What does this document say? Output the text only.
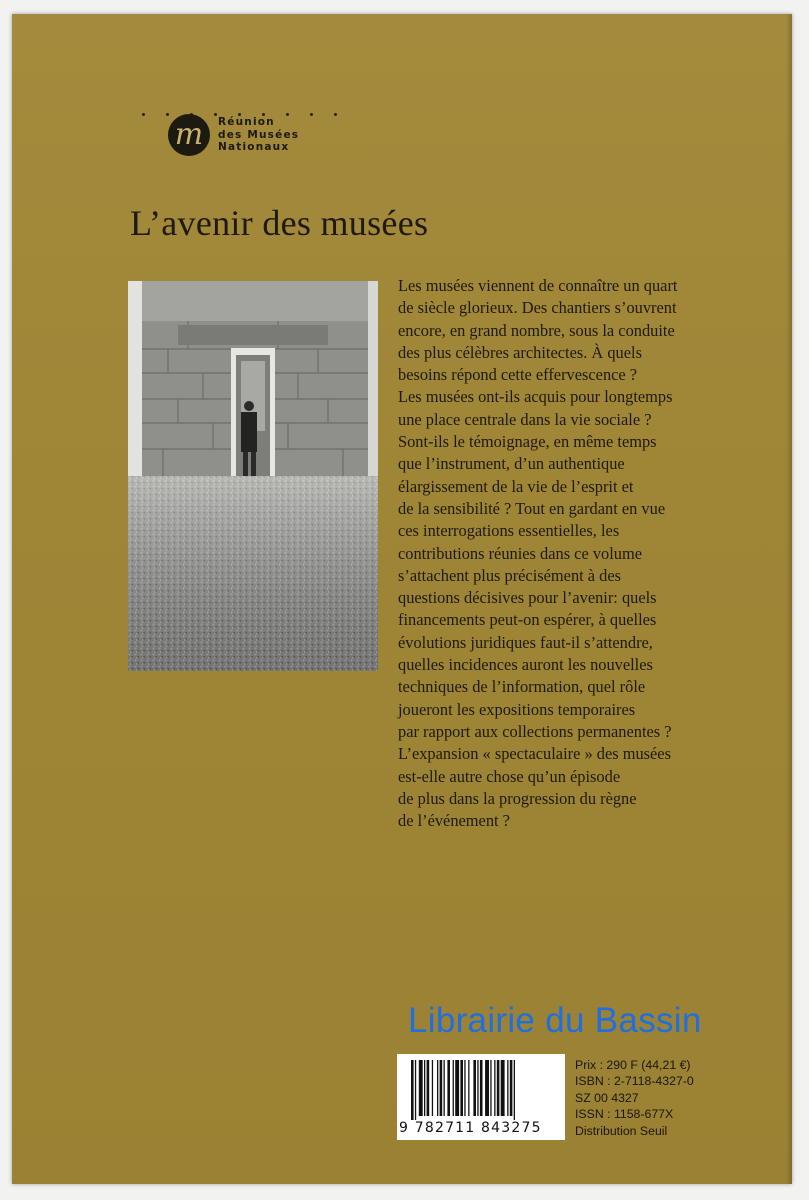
m	Réunion
des Musées
Nationaux
L’avenir des musées
Les musées viennent de connaître un quart
de siècle glorieux. Des chantiers s’ouvrent
encore, en grand nombre, sous la conduite
des plus célèbres architectes. À quels
besoins répond cette effervescence ?
Les musées ont-ils acquis pour longtemps
une place centrale dans la vie sociale ?
Sont-ils le témoignage, en même temps
que l’instrument, d’un authentique
élargissement de la vie de l’esprit et
de la sensibilité ? Tout en gardant en vue
ces interrogations essentielles, les
contributions réunies dans ce volume
s’attachent plus précisément à des
questions décisives pour l’avenir: quels
financements peut-on espérer, à quelles
évolutions juridiques faut-il s’attendre,
quelles incidences auront les nouvelles
techniques de l’information, quel rôle
joueront les expositions temporaires
par rapport aux collections permanentes ?
L’expansion « spectaculaire » des musées
est-elle autre chose qu’un épisode
de plus dans la progression du règne
de l’événement ?
Librairie du Bassin
9 782711 843275
Prix : 290 F (44,21 €)
ISBN : 2-7118-4327-0
SZ 00 4327
ISSN : 1158-677X
Distribution Seuil
